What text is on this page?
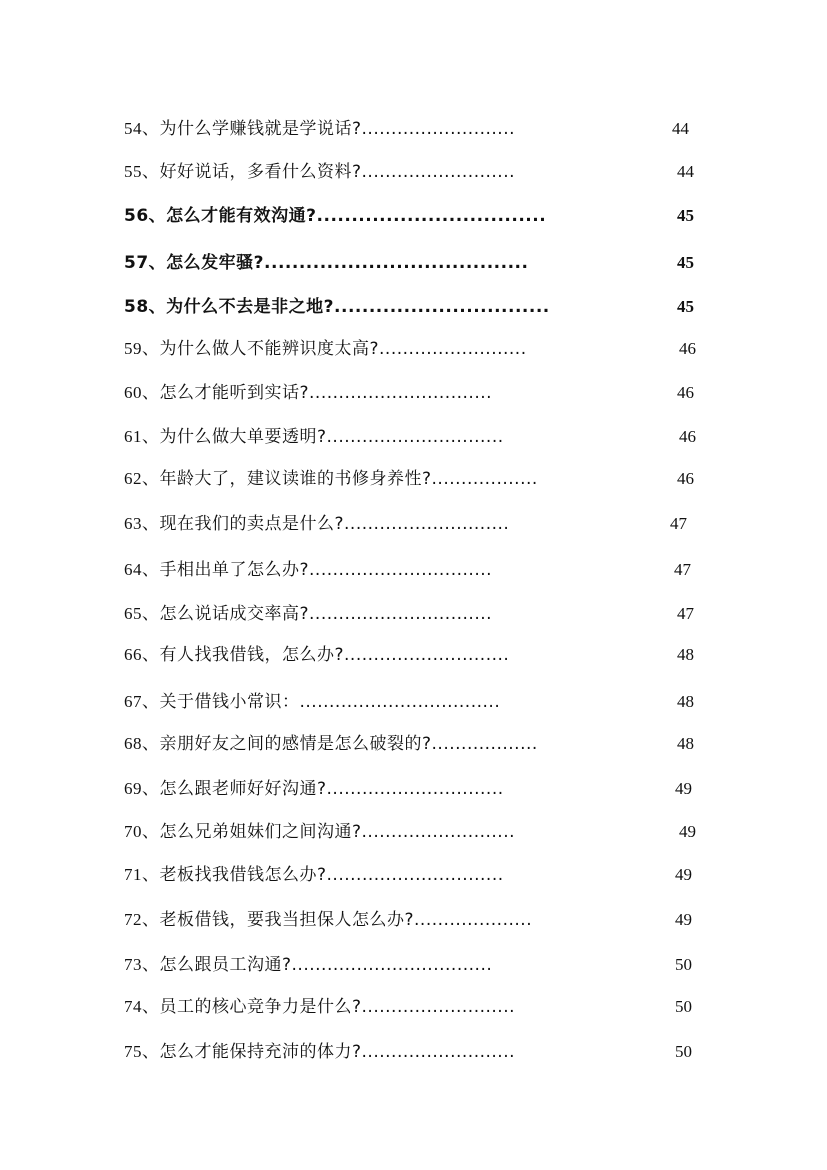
54、为什么学赚钱就是学说话?..........................	44
55、好好说话，多看什么资料?..........................	44
56、怎么才能有效沟通?.................................	45
57、怎么发牢骚?......................................	45
58、为什么不去是非之地?...............................	45
59、为什么做人不能辨识度太高?.........................	46
60、怎么才能听到实话?...............................	46
61、为什么做大单要透明?..............................	46
62、年龄大了，建议读谁的书修身养性?..................	46
63、现在我们的卖点是什么?............................	47
64、手相出单了怎么办?...............................	47
65、怎么说话成交率高?...............................	47
66、有人找我借钱，怎么办?............................	48
67、关于借钱小常识：..................................	48
68、亲朋好友之间的感情是怎么破裂的?..................	48
69、怎么跟老师好好沟通?..............................	49
70、怎么兄弟姐妹们之间沟通?..........................	49
71、老板找我借钱怎么办?..............................	49
72、老板借钱，要我当担保人怎么办?....................	49
73、怎么跟员工沟通?..................................	50
74、员工的核心竞争力是什么?..........................	50
75、怎么才能保持充沛的体力?..........................	50
